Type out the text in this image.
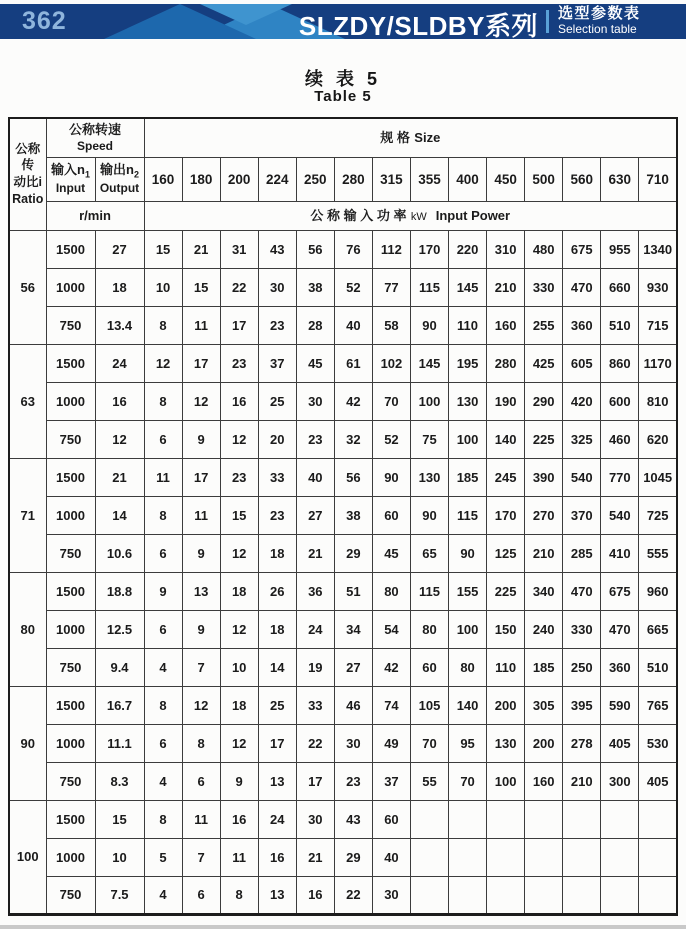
362	SLZDY/SLDBY系列 选型参数表
Selection table
续 表 5
Table 5
公称传
动比i
Ratio

公称转速
Speed
	规 格 Size

输入$n_1$
Input

输出$n_2$
Output
	160	180	200	224	250	280	315	355	400	450	500	560	630	710
	r/min		公 称 输 入 功 率 kW Input Power													
56	1500	27	15	21	31	43	56	76	112	170	220	310	480	675	955	1340
	1000	18	10	15	22	30	38	52	77	115	145	210	330	470	660	930
	750	13.4	8	11	17	23	28	40	58	90	110	160	255	360	510	715
63	1500	24	12	17	23	37	45	61	102	145	195	280	425	605	860	1170
	1000	16	8	12	16	25	30	42	70	100	130	190	290	420	600	810
	750	12	6	9	12	20	23	32	52	75	100	140	225	325	460	620
71	1500	21	11	17	23	33	40	56	90	130	185	245	390	540	770	1045
	1000	14	8	11	15	23	27	38	60	90	115	170	270	370	540	725
	750	10.6	6	9	12	18	21	29	45	65	90	125	210	285	410	555
80	1500	18.8	9	13	18	26	36	51	80	115	155	225	340	470	675	960
	1000	12.5	6	9	12	18	24	34	54	80	100	150	240	330	470	665
	750	9.4	4	7	10	14	19	27	42	60	80	110	185	250	360	510
90	1500	16.7	8	12	18	25	33	46	74	105	140	200	305	395	590	765
	1000	11.1	6	8	12	17	22	30	49	70	95	130	200	278	405	530
	750	8.3	4	6	9	13	17	23	37	55	70	100	160	210	300	405
100	1500	15	8	11	16	24	30	43	60							
	1000	10	5	7	11	16	21	29	40							
	750	7.5	4	6	8	13	16	22	30							
